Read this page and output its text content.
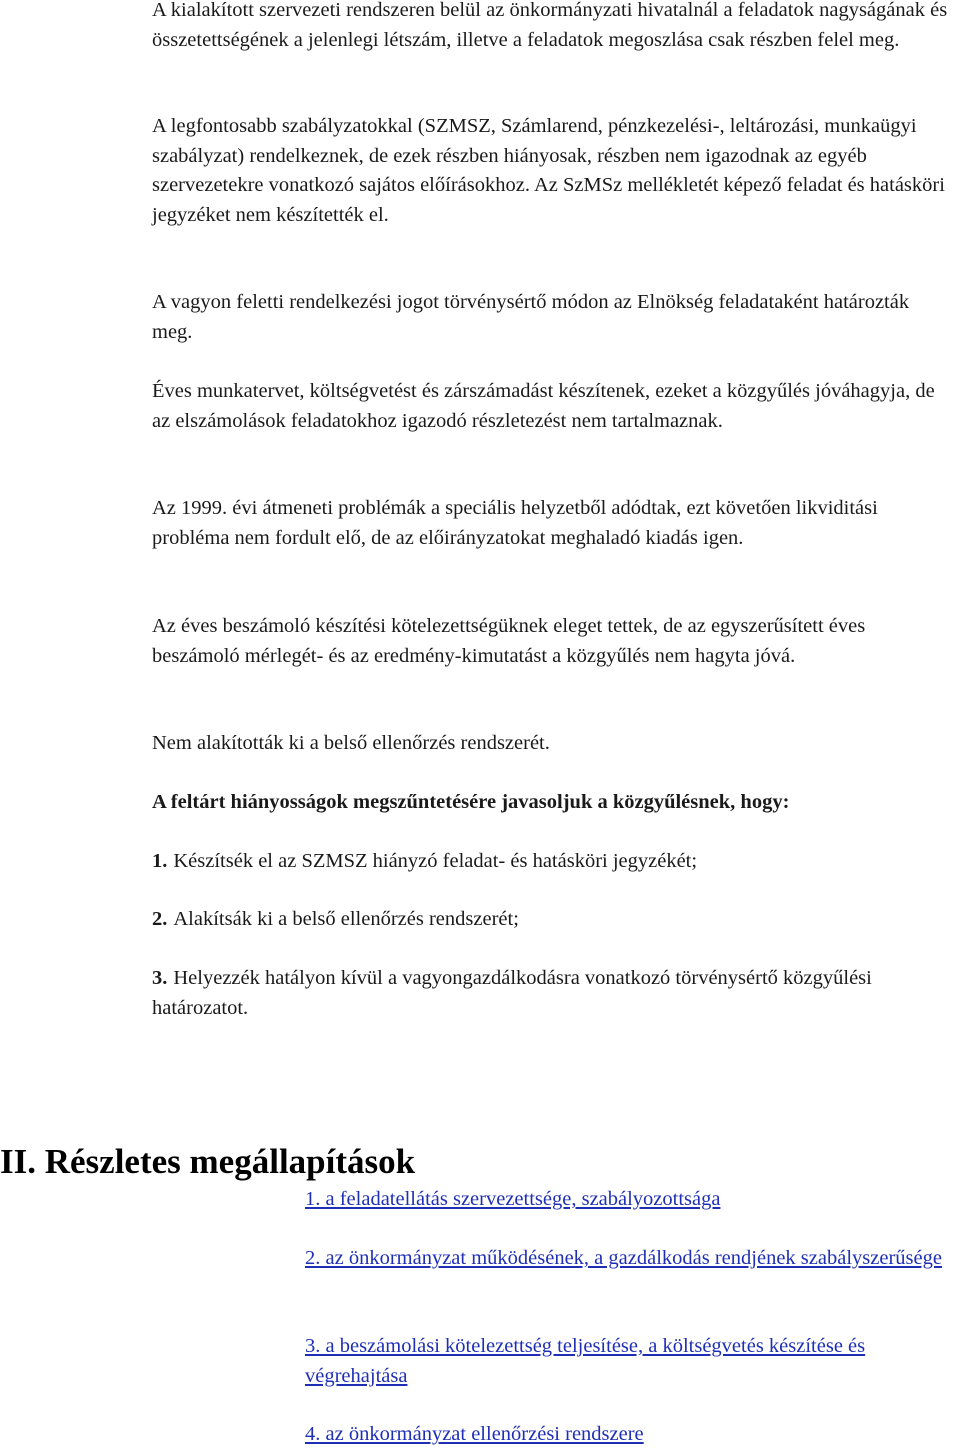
A kialakított szervezeti rendszeren belül az önkormányzati hivatalnál a feladatok nagyságának és összetettségének a jelenlegi létszám, illetve a feladatok megoszlása csak részben felel meg.

A legfontosabb szabályzatokkal (SZMSZ, Számlarend, pénzkezelési-, leltározási, munkaügyi szabályzat) rendelkeznek, de ezek részben hiányosak, részben nem igazodnak az egyéb szervezetekre vonatkozó sajátos előírásokhoz. Az SzMSz mellékletét képező feladat és hatásköri jegyzéket nem készítették el.

A vagyon feletti rendelkezési jogot törvénysértő módon az Elnökség feladataként határozták meg.

Éves munkatervet, költségvetést és zárszámadást készítenek, ezeket a közgyűlés jóváhagyja, de az elszámolások feladatokhoz igazodó részletezést nem tartalmaznak.

Az 1999. évi átmeneti problémák a speciális helyzetből adódtak, ezt követően likviditási probléma nem fordult elő, de az előirányzatokat meghaladó kiadás igen.

Az éves beszámoló készítési kötelezettségüknek eleget tettek, de az egyszerűsített éves beszámoló mérlegét- és az eredmény-kimutatást a közgyűlés nem hagyta jóvá.

Nem alakították ki a belső ellenőrzés rendszerét.

A feltárt hiányosságok megszűntetésére javasoljuk a közgyűlésnek, hogy:

1. Készítsék el az SZMSZ hiányzó feladat- és hatásköri jegyzékét;

2. Alakítsák ki a belső ellenőrzés rendszerét;

3. Helyezzék hatályon kívül a vagyongazdálkodásra vonatkozó törvénysértő közgyűlési határozatot.

II. Részletes megállapítások
1. a feladatellátás szervezettsége, szabályozottsága
2. az önkormányzat működésének, a gazdálkodás rendjének szabályszerűsége
3. a beszámolási kötelezettség teljesítése, a költségvetés készítése és végrehajtása
4. az önkormányzat ellenőrzési rendszere
